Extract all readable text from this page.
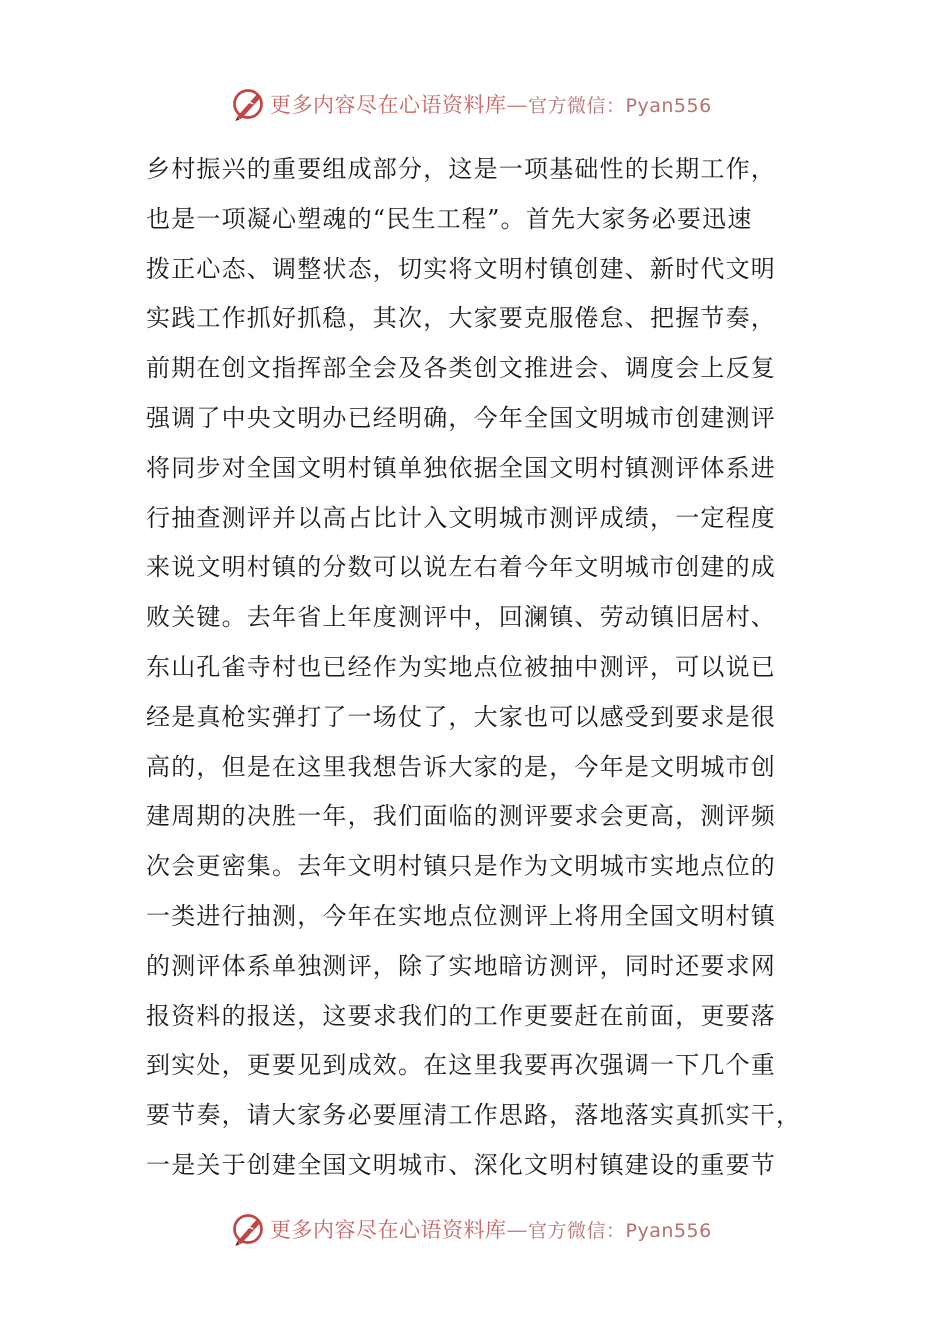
更多内容尽在心语资料库—官方微信：Pyan556
乡村振兴的重要组成部分，这是一项基础性的长期工作，
也是一项凝心塑魂的“民生工程”。首先大家务必要迅速
拨正心态、调整状态，切实将文明村镇创建、新时代文明
实践工作抓好抓稳，其次，大家要克服倦怠、把握节奏，
前期在创文指挥部全会及各类创文推进会、调度会上反复
强调了中央文明办已经明确，今年全国文明城市创建测评
将同步对全国文明村镇单独依据全国文明村镇测评体系进
行抽查测评并以高占比计入文明城市测评成绩，一定程度
来说文明村镇的分数可以说左右着今年文明城市创建的成
败关键。去年省上年度测评中，回澜镇、劳动镇旧居村、
东山孔雀寺村也已经作为实地点位被抽中测评，可以说已
经是真枪实弹打了一场仗了，大家也可以感受到要求是很
高的，但是在这里我想告诉大家的是，今年是文明城市创
建周期的决胜一年，我们面临的测评要求会更高，测评频
次会更密集。去年文明村镇只是作为文明城市实地点位的
一类进行抽测，今年在实地点位测评上将用全国文明村镇
的测评体系单独测评，除了实地暗访测评，同时还要求网
报资料的报送，这要求我们的工作更要赶在前面，更要落
到实处，更要见到成效。在这里我要再次强调一下几个重
要节奏，请大家务必要厘清工作思路，落地落实真抓实干，
一是关于创建全国文明城市、深化文明村镇建设的重要节
更多内容尽在心语资料库—官方微信：Pyan556
